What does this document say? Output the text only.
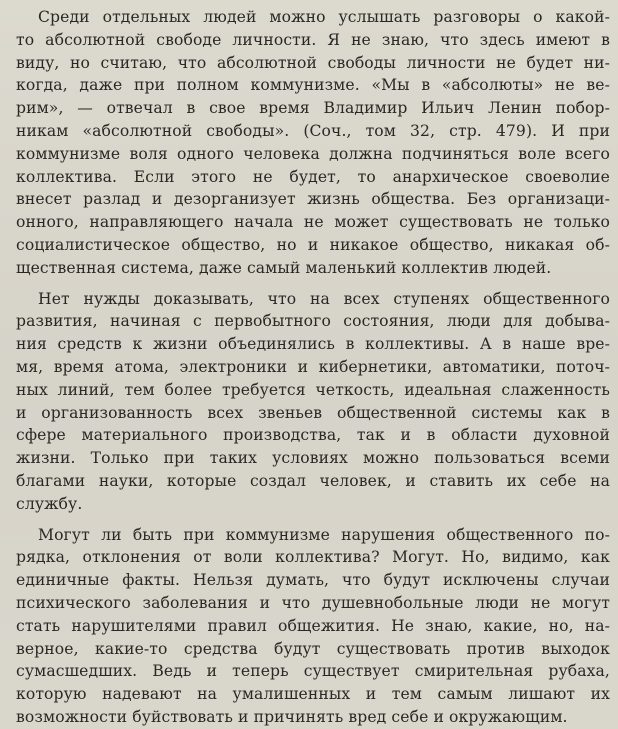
Среди отдельных людей можно услышать разговоры о какой-
то абсолютной свободе личности. Я не знаю, что здесь имеют в
виду, но считаю, что абсолютной свободы личности не будет ни-
когда, даже при полном коммунизме. «Мы в «абсолюты» не ве-
рим», — отвечал в свое время Владимир Ильич Ленин побор-
никам «абсолютной свободы». (Соч., том 32, стр. 479). И при
коммунизме воля одного человека должна подчиняться воле всего
коллектива. Если этого не будет, то анархическое своеволие
внесет разлад и дезорганизует жизнь общества. Без организаци-
онного, направляющего начала не может существовать не только
социалистическое общество, но и никакое общество, никакая об-
щественная система, даже самый маленький коллектив людей.
Нет нужды доказывать, что на всех ступенях общественного
развития, начиная с первобытного состояния, люди для добыва-
ния средств к жизни объединялись в коллективы. А в наше вре-
мя, время атома, электроники и кибернетики, автоматики, поточ-
ных линий, тем более требуется четкость, идеальная слаженность
и организованность всех звеньев общественной системы как в
сфере материального производства, так и в области духовной
жизни. Только при таких условиях можно пользоваться всеми
благами науки, которые создал человек, и ставить их себе на
службу.
Могут ли быть при коммунизме нарушения общественного по-
рядка, отклонения от воли коллектива? Могут. Но, видимо, как
единичные факты. Нельзя думать, что будут исключены случаи
психического заболевания и что душевнобольные люди не могут
стать нарушителями правил общежития. Не знаю, какие, но, на-
верное, какие-то средства будут существовать против выходок
сумасшедших. Ведь и теперь существует смирительная рубаха,
которую надевают на умалишенных и тем самым лишают их
возможности буйствовать и причинять вред себе и окружающим.
